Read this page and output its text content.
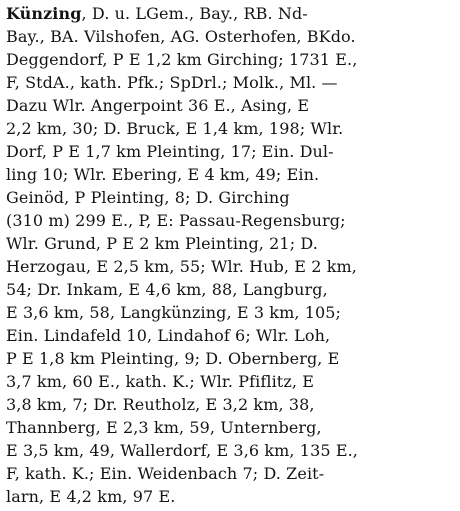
Künzing, D. u. LGem., Bay., RB. Nd-
Bay., BA. Vilshofen, AG. Osterhofen, BKdo.
Deggendorf, P E 1,2 km Girching; 1731 E.,
F, StdA., kath. Pfk.; SpDrl.; Molk., Ml. —
Dazu Wlr. Angerpoint 36 E., Asing, E
2,2 km, 30; D. Bruck, E 1,4 km, 198; Wlr.
Dorf, P E 1,7 km Pleinting, 17; Ein. Dul-
ling 10; Wlr. Ebering, E 4 km, 49; Ein.
Geinöd, P Pleinting, 8; D. Girching
(310 m) 299 E., P, E: Passau-Regensburg;
Wlr. Grund, P E 2 km Pleinting, 21; D.
Herzogau, E 2,5 km, 55; Wlr. Hub, E 2 km,
54; Dr. Inkam, E 4,6 km, 88, Langburg,
E 3,6 km, 58, Langkünzing, E 3 km, 105;
Ein. Lindafeld 10, Lindahof 6; Wlr. Loh,
P E 1,8 km Pleinting, 9; D. Obernberg, E
3,7 km, 60 E., kath. K.; Wlr. Pfiflitz, E
3,8 km, 7; Dr. Reutholz, E 3,2 km, 38,
Thannberg, E 2,3 km, 59, Unternberg,
E 3,5 km, 49, Wallerdorf, E 3,6 km, 135 E.,
F, kath. K.; Ein. Weidenbach 7; D. Zeit-
larn, E 4,2 km, 97 E.
